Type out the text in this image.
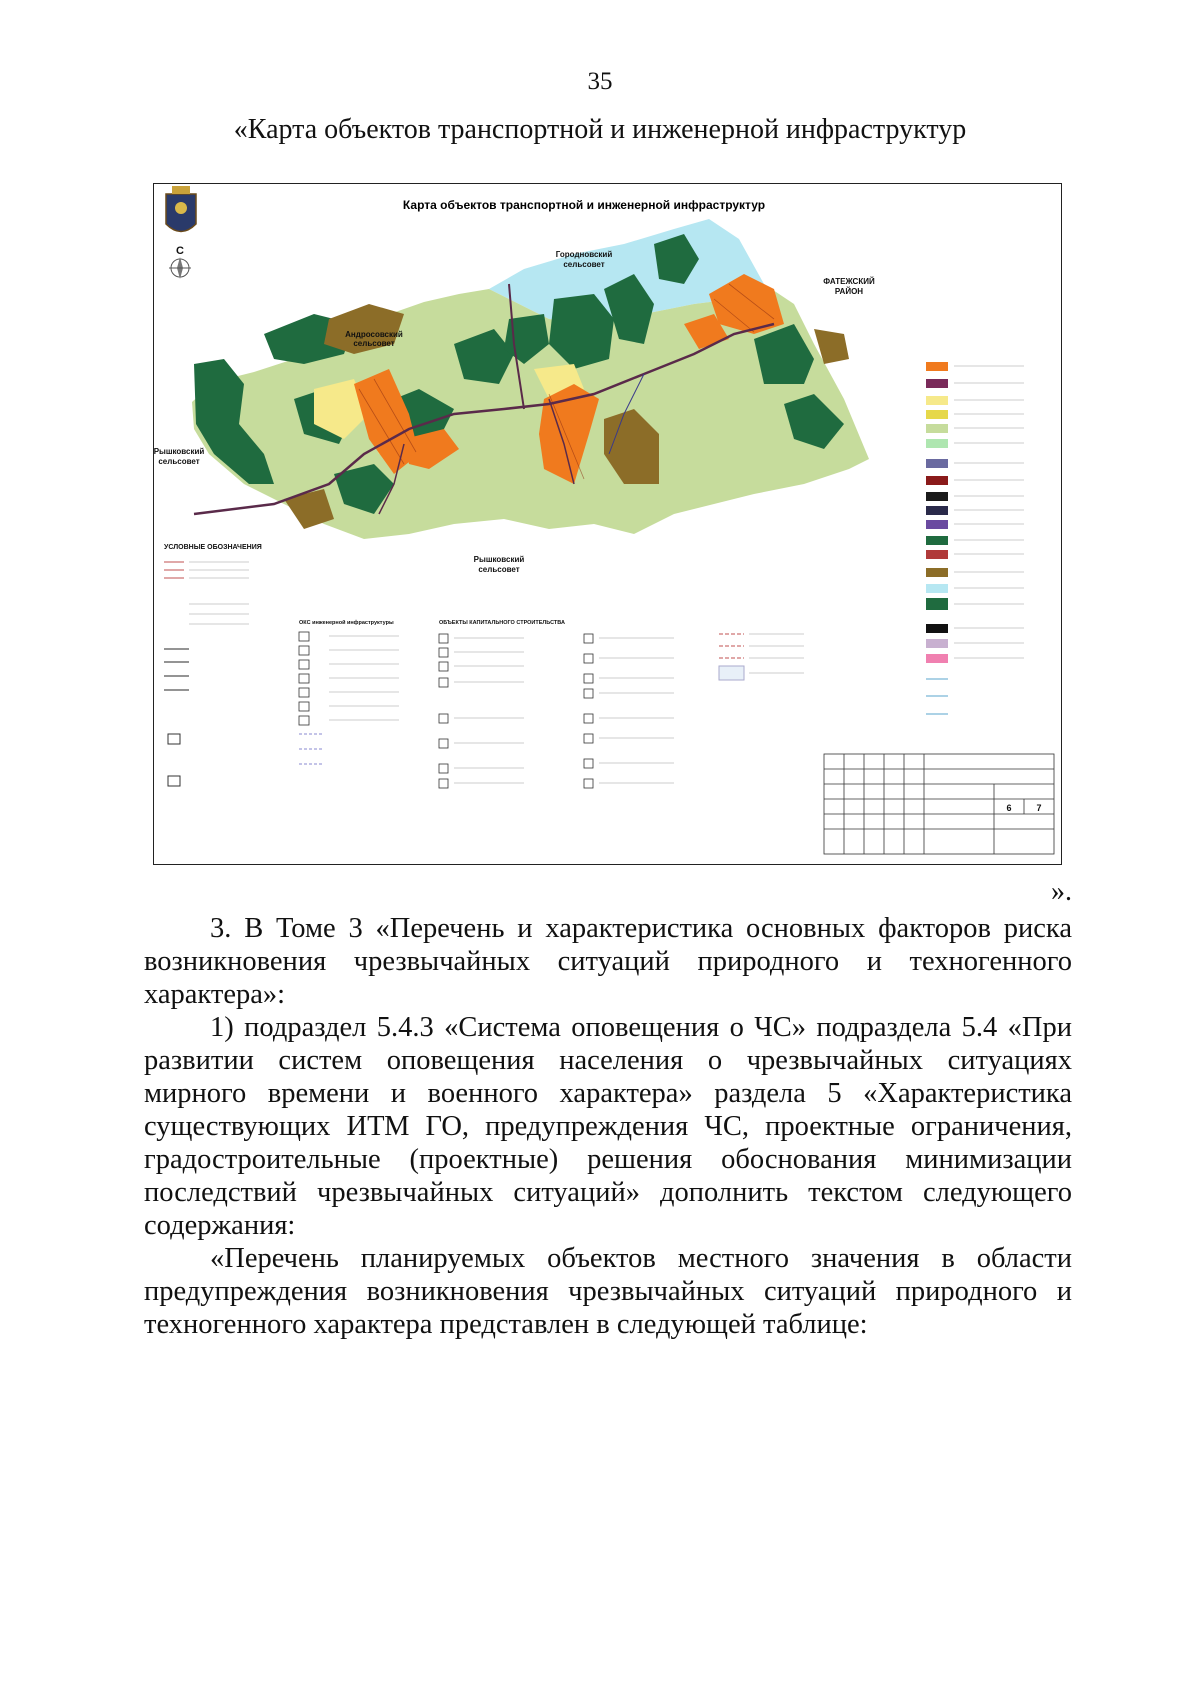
35
«Карта объектов транспортной и инженерной инфраструктур
Карта объектов транспортной и инженерной инфраструктур
С	Городновский
сельсовет
ФАТЕЖСКИЙ
РАЙОН
Андросовский
сельсовет
Рышковский
сельсовет
Рышковский
сельсовет
УСЛОВНЫЕ ОБОЗНАЧЕНИЯ
ОКС инженерной инфраструктуры	ОБЪЕКТЫ КАПИТАЛЬНОГО СТРОИТЕЛЬСТВА
6	7
».

3. В Томе 3 «Перечень и характеристика основных факторов риска возникновения чрезвычайных ситуаций природного и техногенного характера»:

1) подраздел 5.4.3 «Система оповещения о ЧС» подраздела 5.4 «При развитии систем оповещения населения о чрезвычайных ситуациях мирного времени и военного характера» раздела 5 «Характеристика существующих ИТМ ГО, предупреждения ЧС, проектные ограничения, градостроительные (проектные) решения обоснования минимизации последствий чрезвычайных ситуаций» дополнить текстом следующего содержания:

«Перечень планируемых объектов местного значения в области предупреждения возникновения чрезвычайных ситуаций природного и техногенного характера представлен в следующей таблице:
